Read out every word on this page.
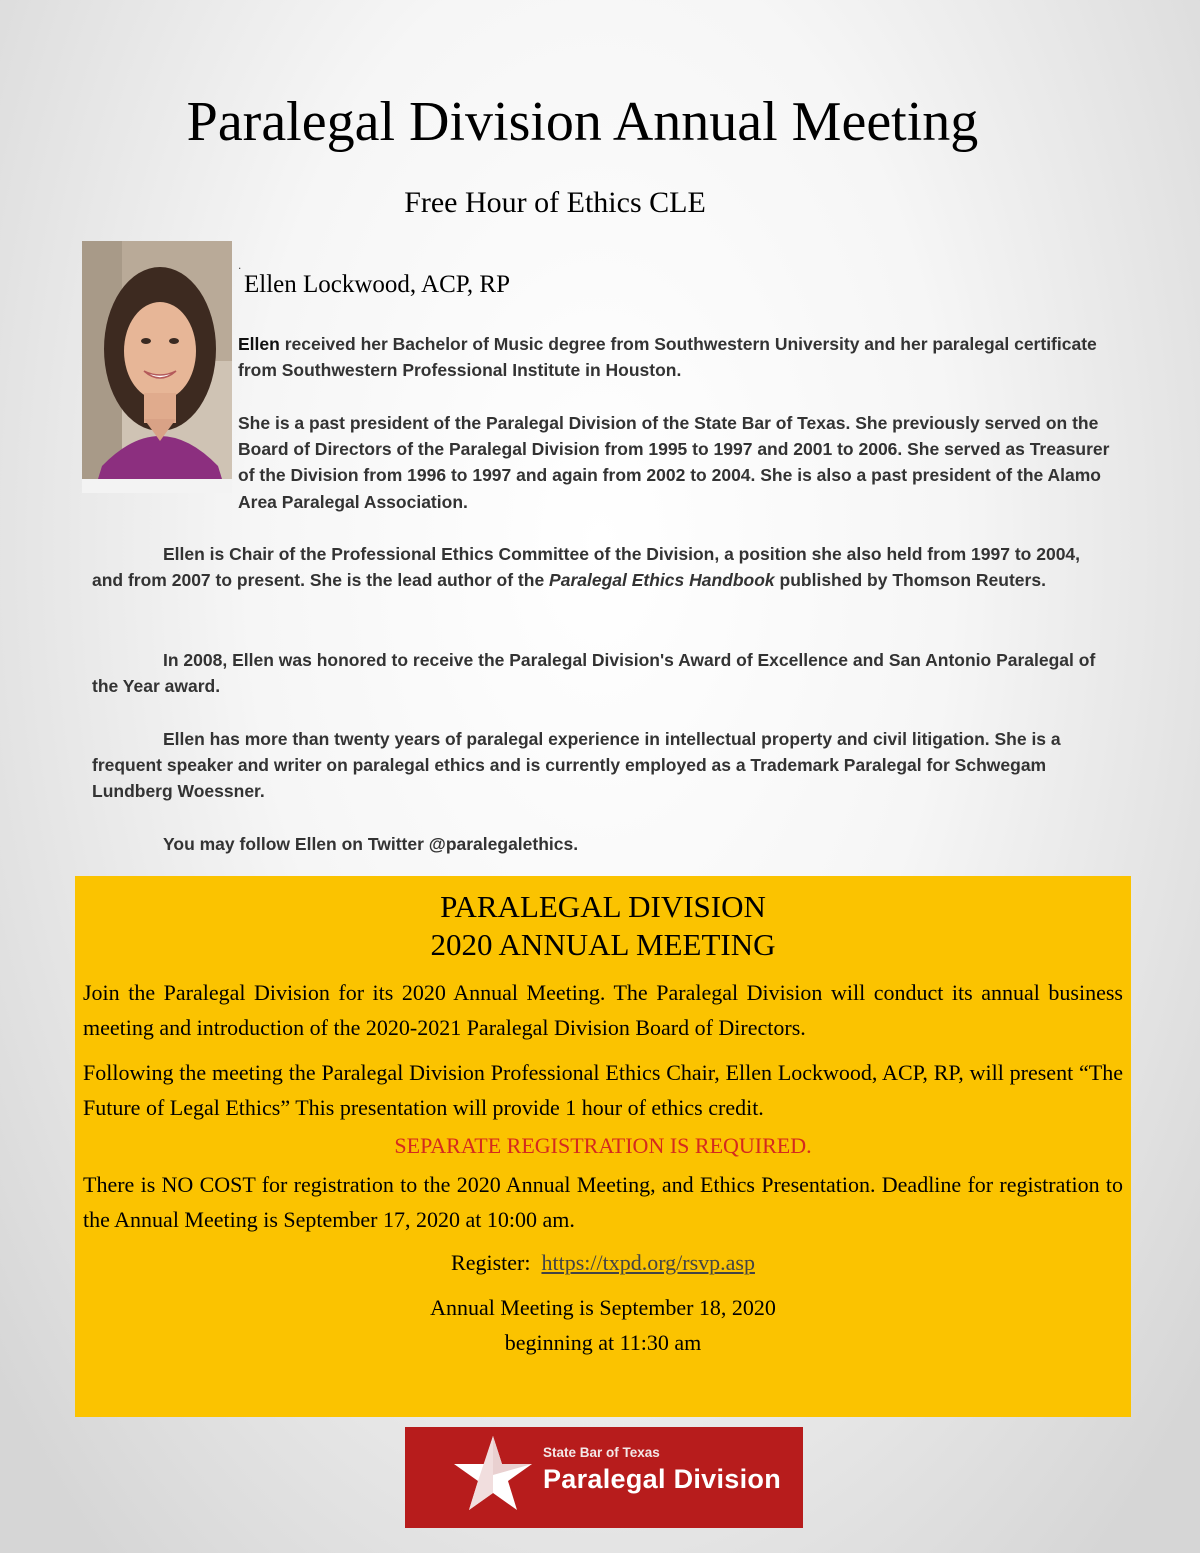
Paralegal Division Annual Meeting
Free Hour of Ethics CLE
.
Ellen Lockwood, ACP, RP

Ellen received her Bachelor of Music degree from Southwestern University and her paralegal certificate from Southwestern Professional Institute in Houston.

She is a past president of the Paralegal Division of the State Bar of Texas. She previously served on the Board of Directors of the Paralegal Division from 1995 to 1997 and 2001 to 2006. She served as Treasurer of the Division from 1996 to 1997 and again from 2002 to 2004. She is also a past president of the Alamo Area Paralegal Association.

Ellen is Chair of the Professional Ethics Committee of the Division, a position she also held from 1997 to 2004, and from 2007 to present. She is the lead author of the Paralegal Ethics Handbook published by Thomson Reuters.

In 2008, Ellen was honored to receive the Paralegal Division's Award of Excellence and San Antonio Paralegal of the Year award.

Ellen has more than twenty years of paralegal experience in intellectual property and civil litigation. She is a frequent speaker and writer on paralegal ethics and is currently employed as a Trademark Paralegal for Schwegam Lundberg Woessner.

You may follow Ellen on Twitter @paralegalethics.

PARALEGAL DIVISION
2020 ANNUAL MEETING

Join the Paralegal Division for its 2020 Annual Meeting. The Paralegal Division will conduct its annual business meeting and introduction of the 2020-2021 Paralegal Division Board of Directors.

Following the meeting the Paralegal Division Professional Ethics Chair, Ellen Lockwood, ACP, RP, will present “The Future of Legal Ethics” This presentation will provide 1 hour of ethics credit.

SEPARATE REGISTRATION IS REQUIRED.

There is NO COST for registration to the 2020 Annual Meeting, and Ethics Presentation. Deadline for registration to the Annual Meeting is September 17, 2020 at 10:00 am.

Register: https://txpd.org/rsvp.asp
Annual Meeting is September 18, 2020
beginning at 11:30 am
State Bar of Texas
Paralegal Division
